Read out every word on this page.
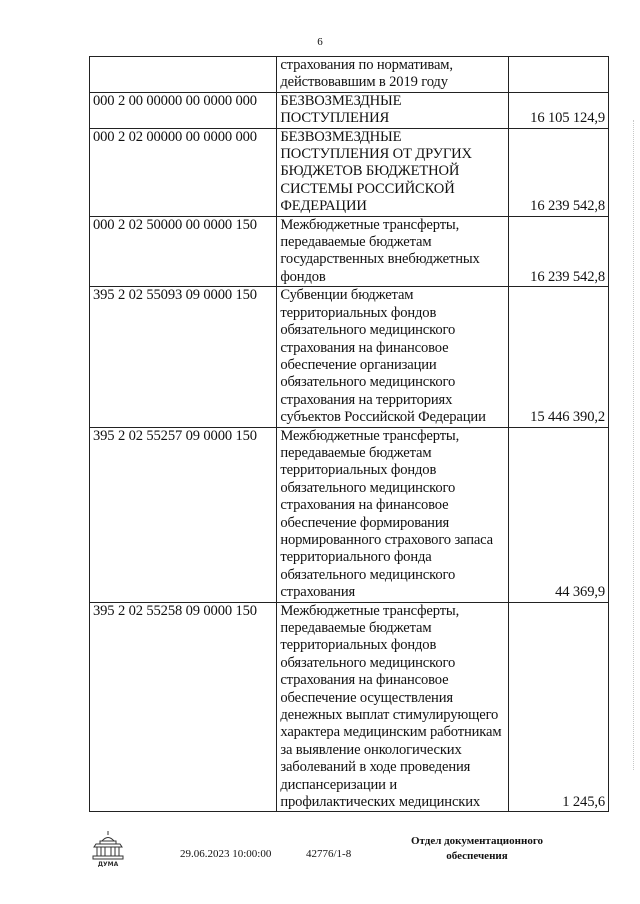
6
	страхования по нормативам, действовавшим в 2019 году	
000 2 00 00000 00 0000 000	БЕЗВОЗМЕЗДНЫЕ ПОСТУПЛЕНИЯ	16 105 124,9
000 2 02 00000 00 0000 000	БЕЗВОЗМЕЗДНЫЕ ПОСТУПЛЕНИЯ ОТ ДРУГИХ БЮДЖЕТОВ БЮДЖЕТНОЙ СИСТЕМЫ РОССИЙСКОЙ ФЕДЕРАЦИИ	16 239 542,8
000 2 02 50000 00 0000 150	Межбюджетные трансферты, передаваемые бюджетам государственных внебюджетных фондов	16 239 542,8
395 2 02 55093 09 0000 150	Субвенции бюджетам территориальных фондов обязательного медицинского страхования на финансовое обеспечение организации обязательного медицинского страхования на территориях субъектов Российской Федерации	15 446 390,2
395 2 02 55257 09 0000 150	Межбюджетные трансферты, передаваемые бюджетам территориальных фондов обязательного медицинского страхования на финансовое обеспечение формирования нормированного страхового запаса территориального фонда обязательного медицинского страхования	44 369,9
395 2 02 55258 09 0000 150	Межбюджетные трансферты, передаваемые бюджетам территориальных фондов обязательного медицинского страхования на финансовое обеспечение осуществления денежных выплат стимулирующего характера медицинским работникам за выявление онкологических заболеваний в ходе проведения диспансеризации и профилактических медицинских	1 245,6
ДУМА
29.06.2023 10:00:00	42776/1-8
Отдел документационного обеспечения
